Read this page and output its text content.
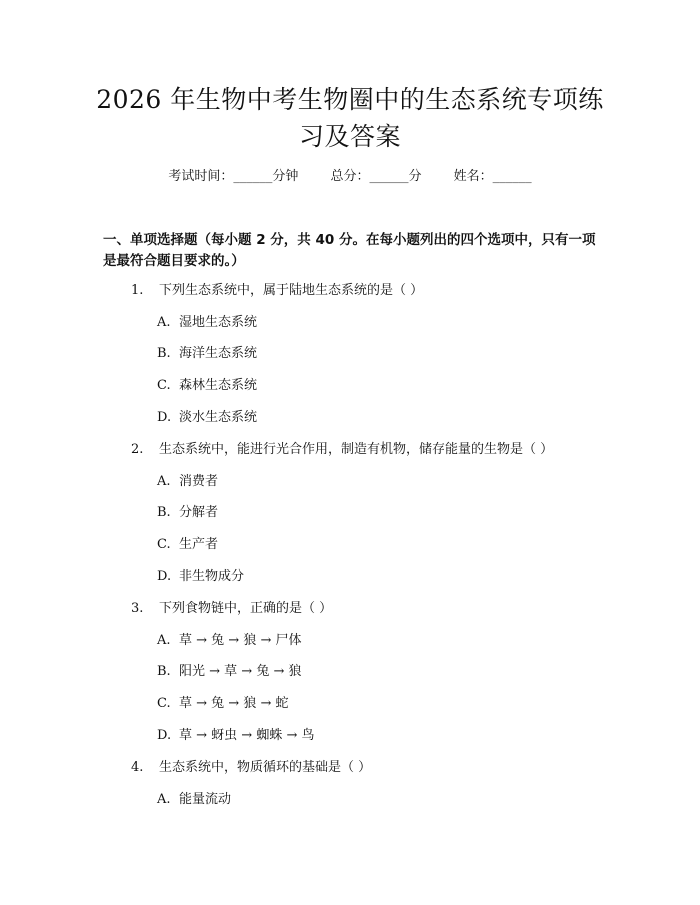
2026 年生物中考生物圈中的生态系统专项练
习及答案
考试时间：______分钟 总分：______分 姓名：______
一、单项选择题（每小题 2 分，共 40 分。在每小题列出的四个选项中，只有一项
是最符合题目要求的。）
1. 下列生态系统中，属于陆地生态系统的是（ ）
A. 湿地生态系统
B. 海洋生态系统
C. 森林生态系统
D. 淡水生态系统
2. 生态系统中，能进行光合作用，制造有机物，储存能量的生物是（ ）
A. 消费者
B. 分解者
C. 生产者
D. 非生物成分
3. 下列食物链中，正确的是（ ）
A. 草 → 兔 → 狼 → 尸体
B. 阳光 → 草 → 兔 → 狼
C. 草 → 兔 → 狼 → 蛇
D. 草 → 蚜虫 → 蜘蛛 → 鸟
4. 生态系统中，物质循环的基础是（ ）
A. 能量流动
